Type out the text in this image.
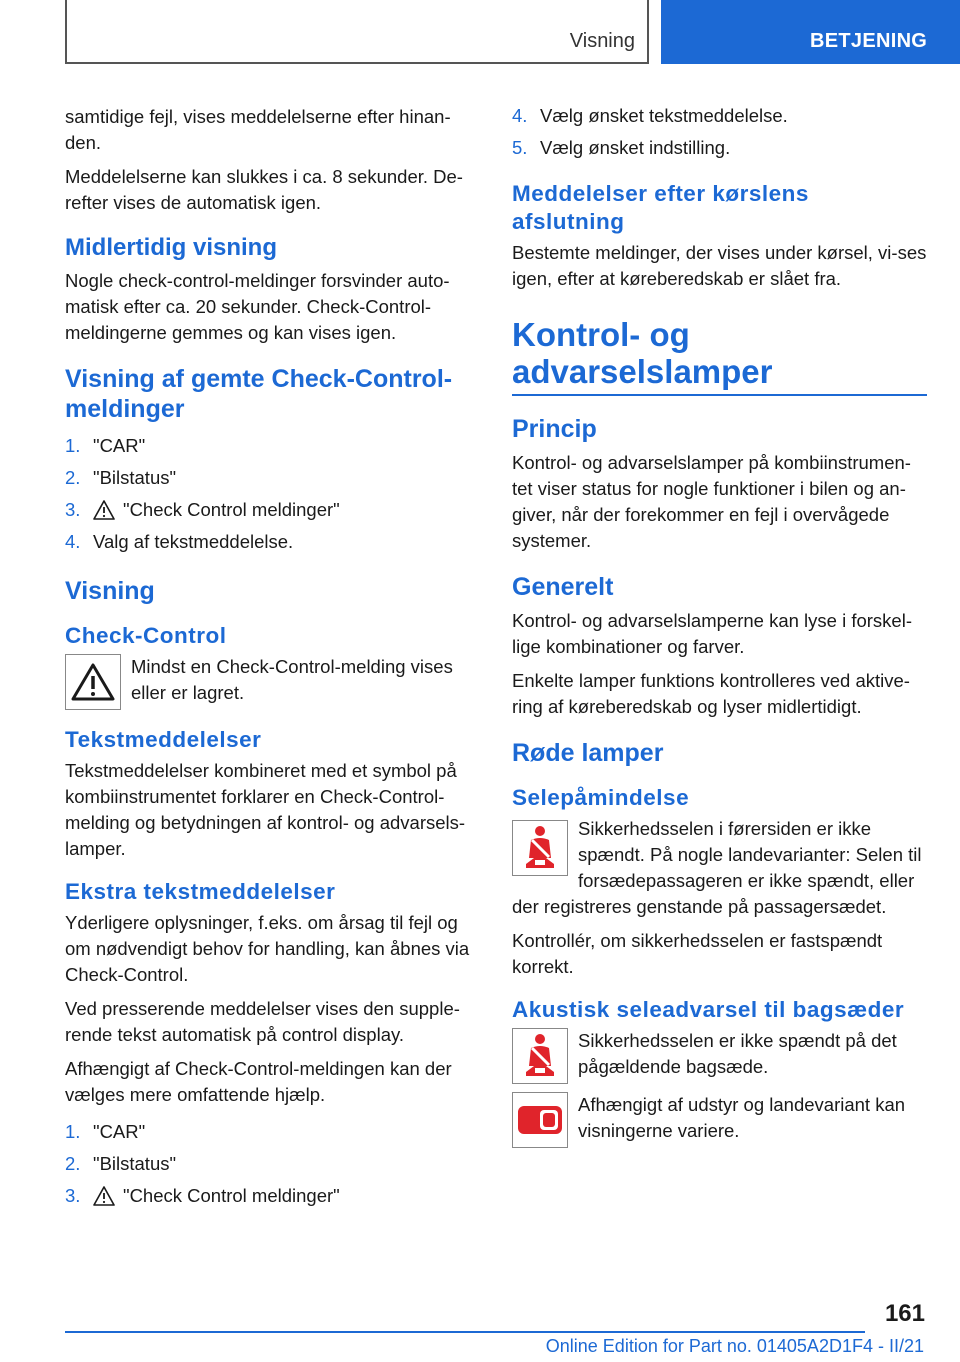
Visning	BETJENING

samtidige fejl, vises meddelelserne efter hinan-den.

Meddelelserne kan slukkes i ca. 8 sekunder. De-refter vises de automatisk igen.

Midlertidig visning

Nogle check-control-meldinger forsvinder auto-matisk efter ca. 20 sekunder. Check-Control-meldingerne gemmes og kan vises igen.

Visning af gemte Check-Control-meldinger
1. "CAR"
2. "Bilstatus"
3.	"Check Control meldinger"
4. Valg af tekstmeddelelse.
Visning
Check-Control
Mindst en Check-Control-melding vises eller er lagret.
Tekstmeddelelser

Tekstmeddelelser kombineret med et symbol på kombiinstrumentet forklarer en Check-Control-melding og betydningen af kontrol- og advarsels-lamper.

Ekstra tekstmeddelelser

Yderligere oplysninger, f.eks. om årsag til fejl og om nødvendigt behov for handling, kan åbnes via Check-Control.

Ved presserende meddelelser vises den supple-rende tekst automatisk på control display.

Afhængigt af Check-Control-meldingen kan der vælges mere omfattende hjælp.

1. "CAR"
2. "Bilstatus"
3.	"Check Control meldinger"
4. Vælg ønsket tekstmeddelelse.
5. Vælg ønsket indstilling.
Meddelelser efter kørslens afslutning

Bestemte meldinger, der vises under kørsel, vi-ses igen, efter at køreberedskab er slået fra.

Kontrol- og advarselslamper
Princip

Kontrol- og advarselslamper på kombiinstrumen-tet viser status for nogle funktioner i bilen og an-giver, når der forekommer en fejl i overvågede systemer.

Generelt

Kontrol- og advarselslamperne kan lyse i forskel-lige kombinationer og farver.

Enkelte lamper funktions kontrolleres ved aktive-ring af køreberedskab og lyser midlertidigt.

Røde lamper
Selepåmindelse
Sikkerhedsselen i førersiden er ikke spændt. På nogle landevarianter: Selen til forsædepassageren er ikke spændt, eller der registreres genstande på passagersædet.

Kontrollér, om sikkerhedsselen er fastspændt korrekt.

Akustisk seleadvarsel til bagsæder
Sikkerhedsselen er ikke spændt på det pågældende bagsæde.
Afhængigt af udstyr og landevariant kan visningerne variere.
161
Online Edition for Part no. 01405A2D1F4 - II/21
